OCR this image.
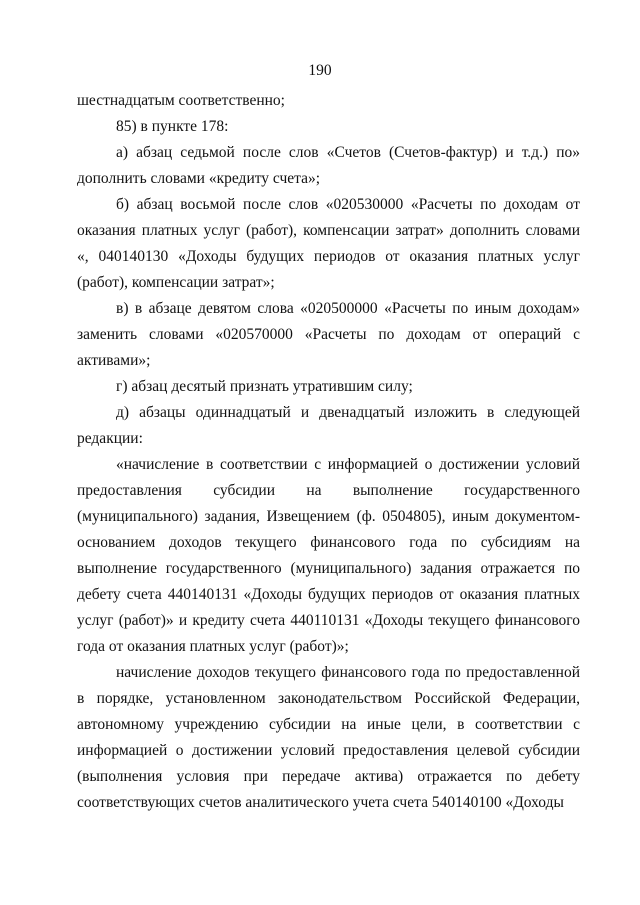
190

шестнадцатым соответственно;

85) в пункте 178:

а) абзац седьмой после слов «Счетов (Счетов-фактур) и т.д.) по» дополнить словами «кредиту счета»;

б) абзац восьмой после слов «020530000 «Расчеты по доходам от оказания платных услуг (работ), компенсации затрат» дополнить словами «, 040140130 «Доходы будущих периодов от оказания платных услуг (работ), компенсации затрат»;

в) в абзаце девятом слова «020500000 «Расчеты по иным доходам» заменить словами «020570000 «Расчеты по доходам от операций с активами»;

г) абзац десятый признать утратившим силу;

д) абзацы одиннадцатый и двенадцатый изложить в следующей редакции:

«начисление в соответствии с информацией о достижении условий предоставления субсидии на выполнение государственного (муниципального) задания, Извещением (ф. 0504805), иным документом-основанием доходов текущего финансового года по субсидиям на выполнение государственного (муниципального) задания отражается по дебету счета 440140131 «Доходы будущих периодов от оказания платных услуг (работ)» и кредиту счета 440110131 «Доходы текущего финансового года от оказания платных услуг (работ)»;

начисление доходов текущего финансового года по предоставленной в порядке, установленном законодательством Российской Федерации, автономному учреждению субсидии на иные цели, в соответствии с информацией о достижении условий предоставления целевой субсидии (выполнения условия при передаче актива) отражается по дебету соответствующих счетов аналитического учета счета 540140100 «Доходы
